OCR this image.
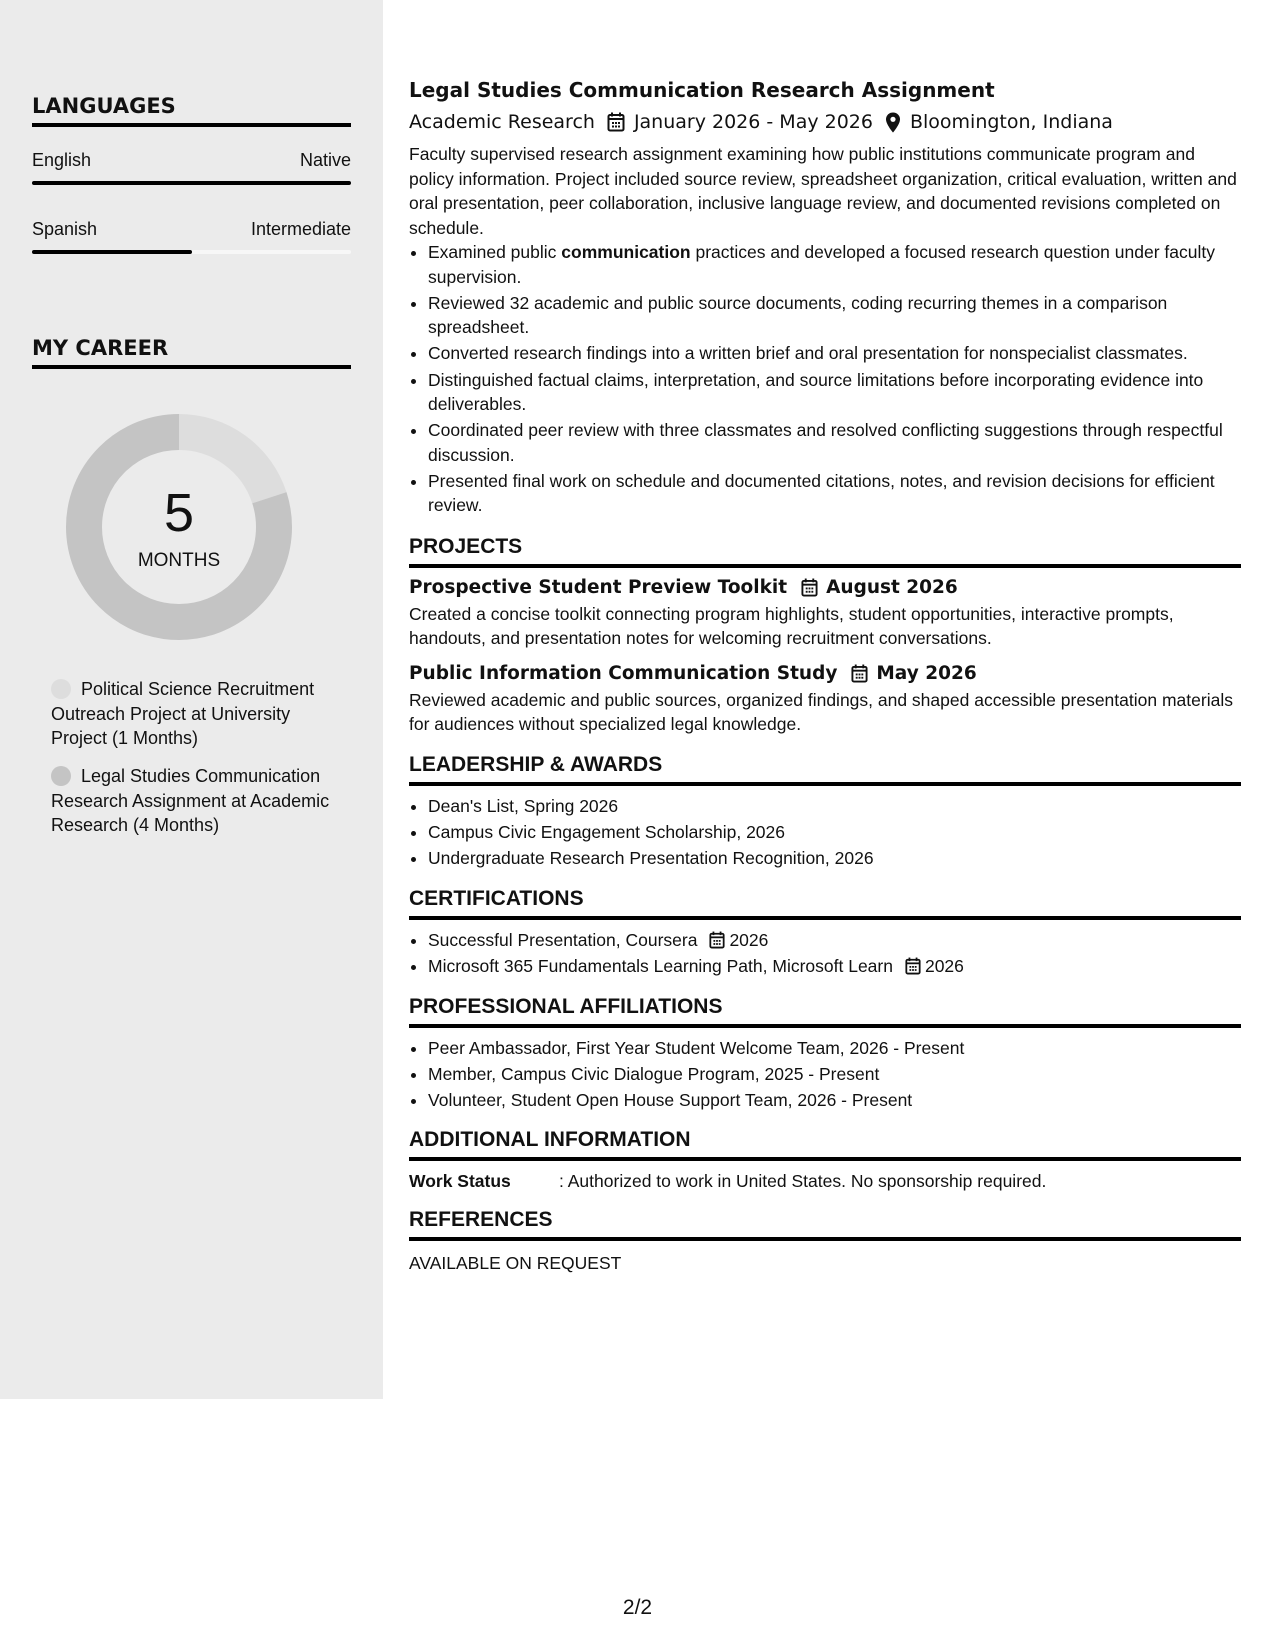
LANGUAGES
English	Native
Spanish	Intermediate
MY CAREER
5
MONTHS
Political Science Recruitment Outreach Project at University Project (1 Months)
Legal Studies Communication Research Assignment at Academic Research (4 Months)
Legal Studies Communication Research Assignment
Academic Research January 2026 - May 2026 Bloomington, Indiana

Faculty supervised research assignment examining how public institutions communicate program and policy information. Project included source review, spreadsheet organization, critical evaluation, written and oral presentation, peer collaboration, inclusive language review, and documented revisions completed on schedule.

• Examined public communication practices and developed a focused research question under faculty supervision.
• Reviewed 32 academic and public source documents, coding recurring themes in a comparison spreadsheet.
• Converted research findings into a written brief and oral presentation for nonspecialist classmates.
• Distinguished factual claims, interpretation, and source limitations before incorporating evidence into deliverables.
• Coordinated peer review with three classmates and resolved conflicting suggestions through respectful discussion.
• Presented final work on schedule and documented citations, notes, and revision decisions for efficient review.
PROJECTS
Prospective Student Preview Toolkit August 2026

Created a concise toolkit connecting program highlights, student opportunities, interactive prompts, handouts, and presentation notes for welcoming recruitment conversations.

Public Information Communication Study May 2026

Reviewed academic and public sources, organized findings, and shaped accessible presentation materials for audiences without specialized legal knowledge.

LEADERSHIP & AWARDS
• Dean's List, Spring 2026
• Campus Civic Engagement Scholarship, 2026
• Undergraduate Research Presentation Recognition, 2026
CERTIFICATIONS
• Successful Presentation, Coursera 2026
• Microsoft 365 Fundamentals Learning Path, Microsoft Learn 2026
PROFESSIONAL AFFILIATIONS
• Peer Ambassador, First Year Student Welcome Team, 2026 - Present
• Member, Campus Civic Dialogue Program, 2025 - Present
• Volunteer, Student Open House Support Team, 2026 - Present
ADDITIONAL INFORMATION
Work Status	: Authorized to work in United States. No sponsorship required.
REFERENCES
AVAILABLE ON REQUEST
2/2
